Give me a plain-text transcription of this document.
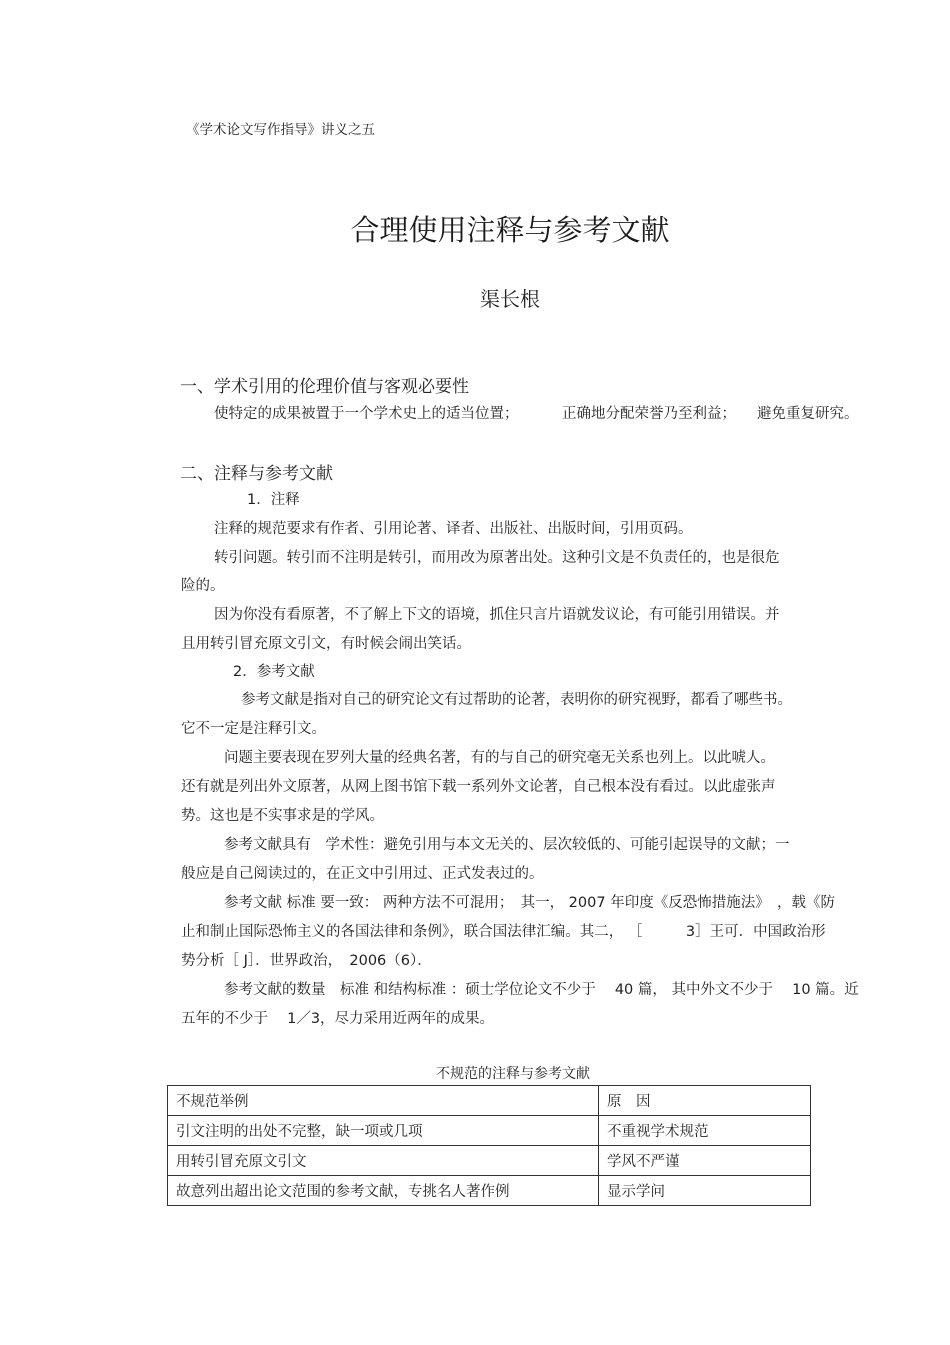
《学术论文写作指导》讲义之五
合理使用注释与参考文献
渠长根
一、学术引用的伦理价值与客观必要性
使特定的成果被置于一个学术史上的适当位置；	正确地分配荣誉乃至利益； 避免重复研究。
二、注释与参考文献
1．注释
注释的规范要求有作者、引用论著、译者、出版社、出版时间，引用页码。
转引问题。转引而不注明是转引，而用改为原著出处。这种引文是不负责任的，也是很危
险的。
因为你没有看原著，不了解上下文的语境，抓住只言片语就发议论，有可能引用错误。并
且用转引冒充原文引文，有时候会闹出笑话。
2．参考文献
参考文献是指对自己的研究论文有过帮助的论著，表明你的研究视野，都看了哪些书。
它不一定是注释引文。
问题主要表现在罗列大量的经典名著，有的与自己的研究毫无关系也列上。以此唬人。
还有就是列出外文原著，从网上图书馆下载一系列外文论著，自己根本没有看过。以此虚张声
势。这也是不实事求是的学风。
参考文献具有　学术性：避免引用与本文无关的、层次较低的、可能引起误导的文献；一
般应是自己阅读过的，在正文中引用过、正式发表过的。
参考文献 标准 要一致： 两种方法不可混用；　其一， 2007 年印度《反恐怖措施法》　，载《防
止和制止国际恐怖主义的各国法律和条例》，联合国法律汇编。其二， ［　　　3］王可．中国政治形
势分析［ J］．世界政治，　2006（6）．
参考文献的数量　标准 和结构标准 ：硕士学位论文不少于　 40 篇， 其中外文不少于　 10 篇。近
五年的不少于　 1／3，尽力采用近两年的成果。
不规范的注释与参考文献
不规范举例	原　因
引文注明的出处不完整，缺一项或几项	不重视学术规范
用转引冒充原文引文	学风不严谨
故意列出超出论文范围的参考文献，专挑名人著作例	显示学问
